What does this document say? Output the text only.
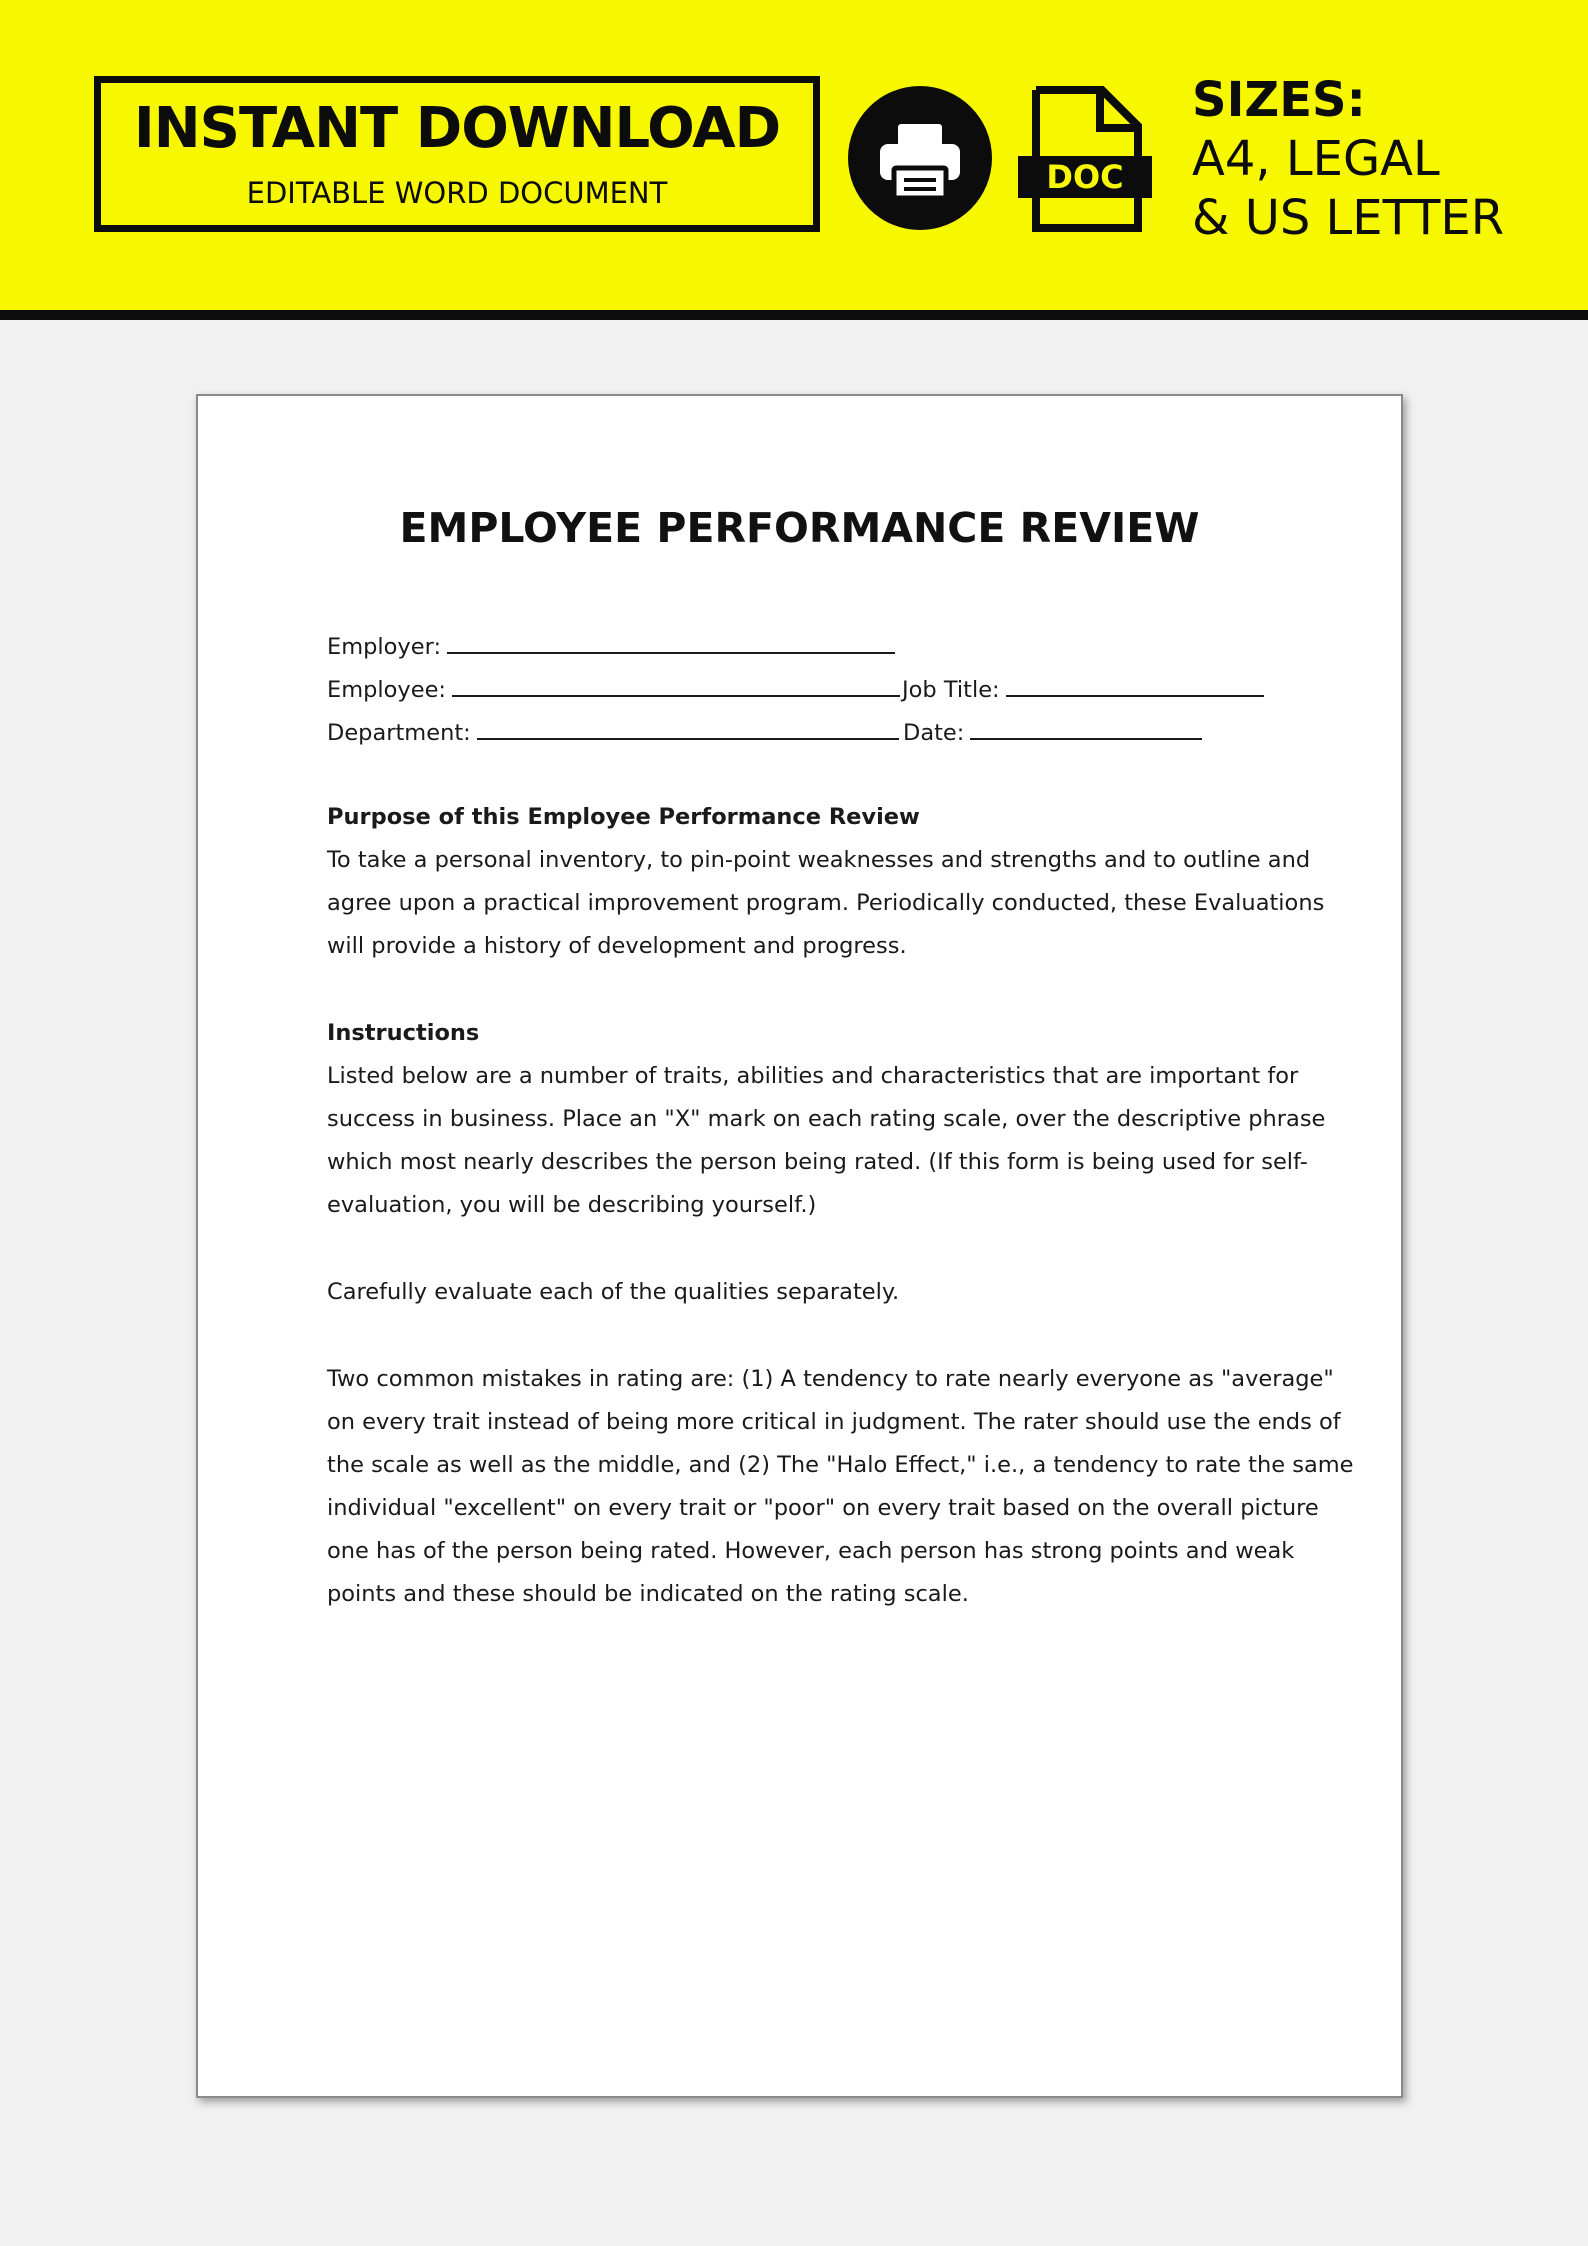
INSTANT DOWNLOAD
EDITABLE WORD DOCUMENT	DOC
SIZES:
A4, LEGAL
& US LETTER
EMPLOYEE PERFORMANCE REVIEW
Employer:
Employee:	Job Title:
Department:	Date:
Purpose of this Employee Performance Review
To take a personal inventory, to pin-point weaknesses and strengths and to outline and
agree upon a practical improvement program. Periodically conducted, these Evaluations
will provide a history of development and progress.
Instructions
Listed below are a number of traits, abilities and characteristics that are important for
success in business. Place an "X" mark on each rating scale, over the descriptive phrase
which most nearly describes the person being rated. (If this form is being used for self-
evaluation, you will be describing yourself.)
Carefully evaluate each of the qualities separately.
Two common mistakes in rating are: (1) A tendency to rate nearly everyone as "average"
on every trait instead of being more critical in judgment. The rater should use the ends of
the scale as well as the middle, and (2) The "Halo Effect," i.e., a tendency to rate the same
individual "excellent" on every trait or "poor" on every trait based on the overall picture
one has of the person being rated. However, each person has strong points and weak
points and these should be indicated on the rating scale.
